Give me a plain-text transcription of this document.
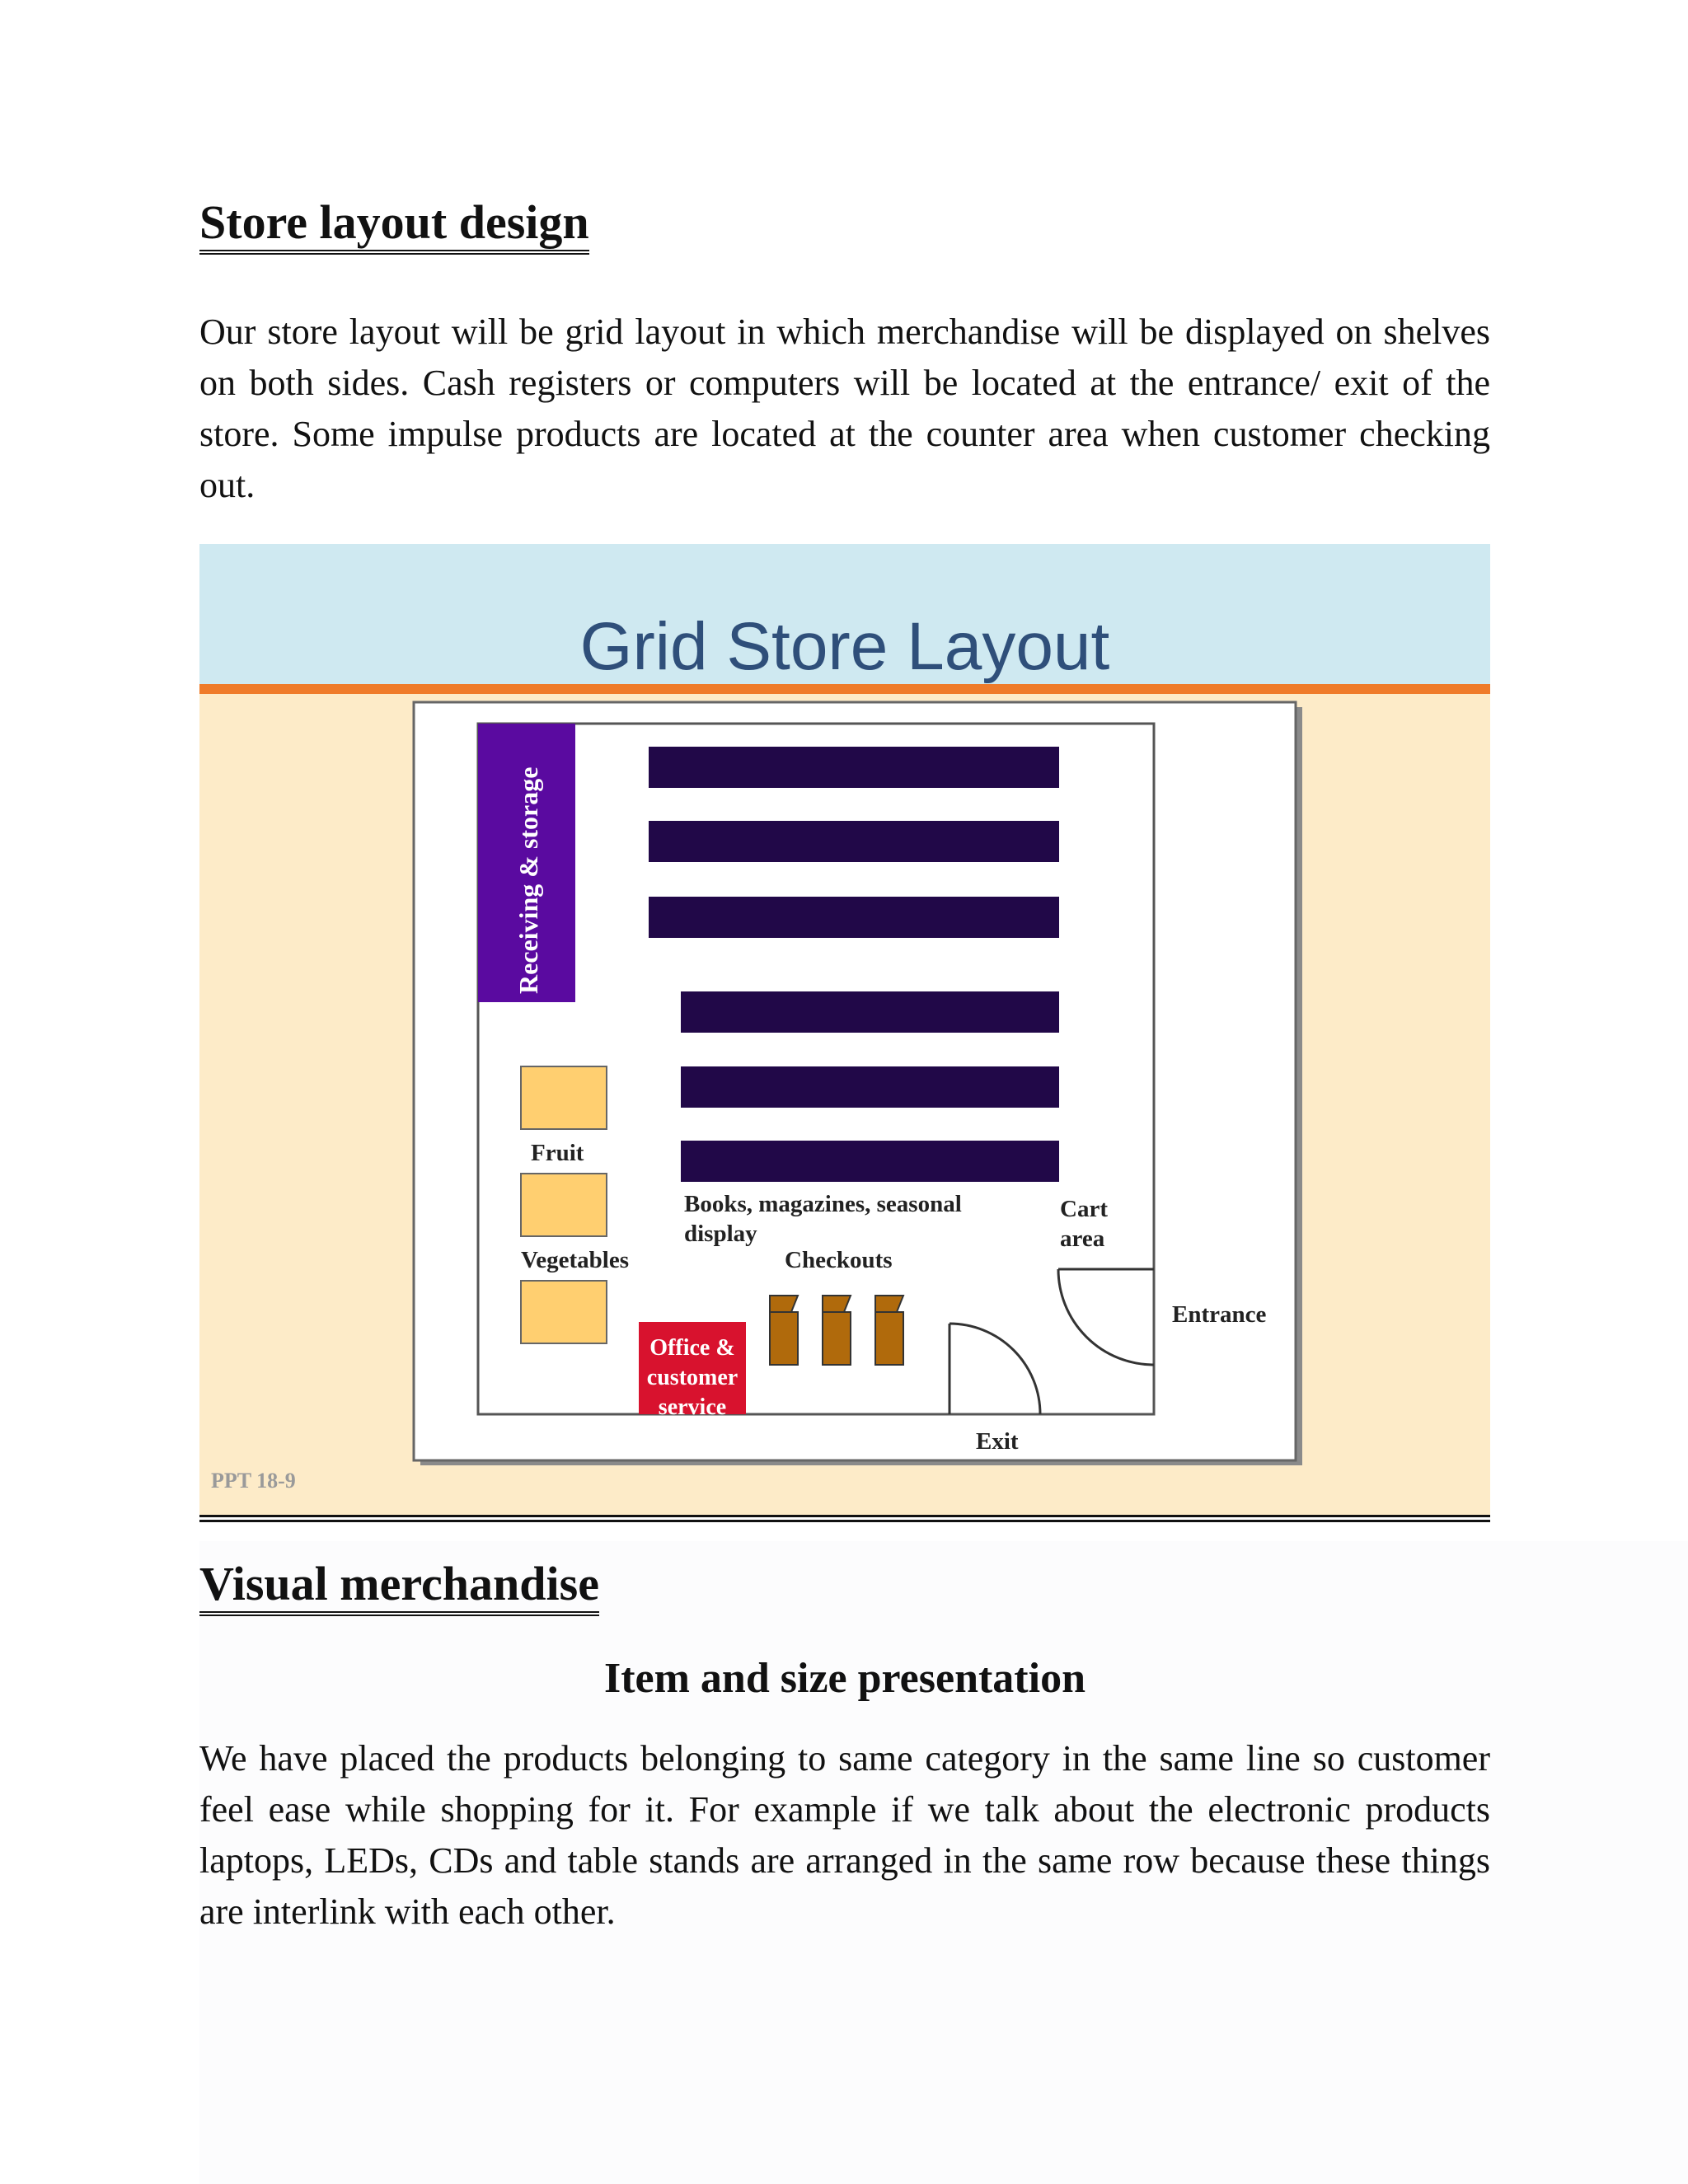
Store layout design

Our store layout will be grid layout in which merchandise will be displayed on shelves on both sides. Cash registers or computers will be located at the entrance/ exit of the store. Some impulse products are located at the counter area when customer checking out.

Grid Store Layout
Receiving & storage
Fruit
Vegetables
Books, magazines, seasonal
display
Cart
area
Checkouts
Office &
customer
service
Exit
Entrance
PPT 18-9
Visual merchandise
Item and size presentation

We have placed the products belonging to same category in the same line so customer feel ease while shopping for it. For example if we talk about the electronic products laptops, LEDs, CDs and table stands are arranged in the same row because these things are interlink with each other.
